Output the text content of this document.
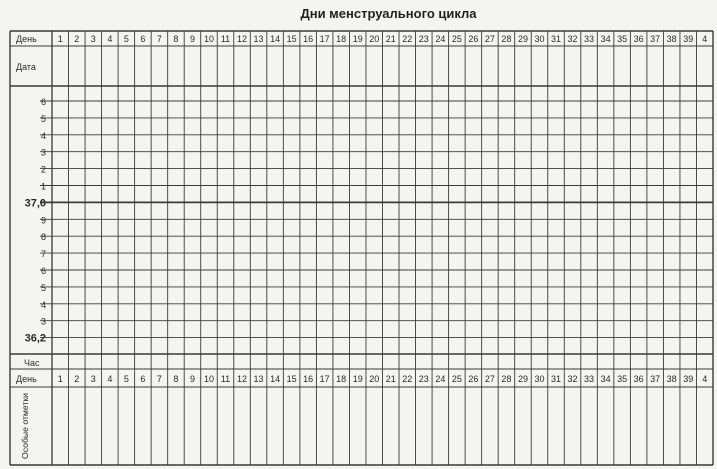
Дни менструального цикла
6
5
4
3
2
1
37,0
9
8
7
6
5
4
3
36,2
1
1
2
2
3
3
4
4
5
5
6
6
7
7
8
8
9
9
10
10
11
11
12
12
13
13
14
14
15
15
16
16
17
17
18
18
19
19
20
20
21
21
22
22
23
23
24
24
25
25
26
26
27
27
28
28
29
29
30
30
31
31
32
32
33
33
34
34
35
35
36
36
37
37
38
38
39
39
4
4
День
Дата
Час
День
Особые отметки
